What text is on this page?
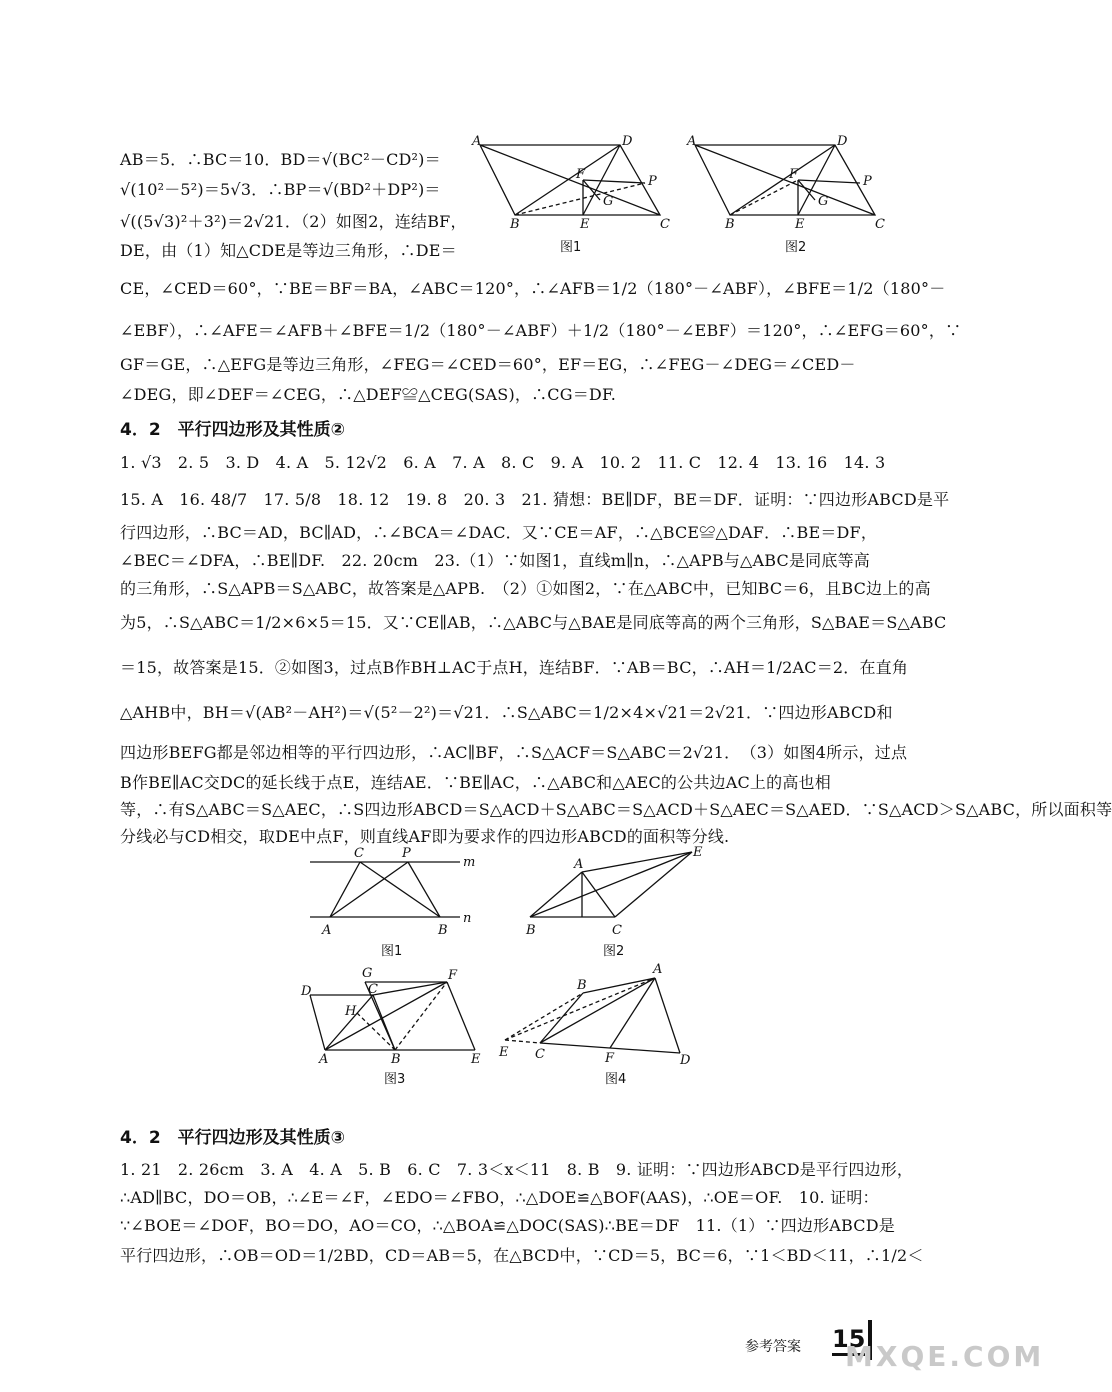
AB＝5．∴BC＝10．BD＝√(BC²－CD²)＝
√(10²－5²)＝5√3．∴BP＝√(BD²＋DP²)＝
√((5√3)²＋3²)＝2√21．（2）如图2，连结BF，
DE，由（1）知△CDE是等边三角形，∴DE＝
A	D
P
C
B	E
F
G
图1
A	D
P
C
B	E
F
G
图2
CE，∠CED＝60°，∵BE＝BF＝BA，∠ABC＝120°，∴∠AFB＝1/2（180°－∠ABF），∠BFE＝1/2（180°－
∠EBF），∴∠AFE＝∠AFB＋∠BFE＝1/2（180°－∠ABF）＋1/2（180°－∠EBF）＝120°，∴∠EFG＝60°，∵
GF＝GE，∴△EFG是等边三角形，∠FEG＝∠CED＝60°，EF＝EG，∴∠FEG－∠DEG＝∠CED－
∠DEG，即∠DEF＝∠CEG，∴△DEF≌△CEG(SAS)，∴CG＝DF.
4．2　平行四边形及其性质②
1. √3　2. 5　3. D　4. A　5. 12√2　6. A　7. A　8. C　9. A　10. 2　11. C　12. 4　13. 16　14. 3
15. A　16. 48/7　17. 5/8　18. 12　19. 8　20. 3　21. 猜想：BE∥DF，BE＝DF．证明：∵四边形ABCD是平
行四边形，∴BC＝AD，BC∥AD，∴∠BCA＝∠DAC．又∵CE＝AF，∴△BCE≌△DAF．∴BE＝DF，
∠BEC＝∠DFA，∴BE∥DF.　22. 20cm　23.（1）∵如图1，直线m∥n，∴△APB与△ABC是同底等高
的三角形，∴S△APB＝S△ABC，故答案是△APB.　（2）①如图2，∵在△ABC中，已知BC＝6，且BC边上的高
为5，∴S△ABC＝1/2×6×5＝15．又∵CE∥AB，∴△ABC与△BAE是同底等高的两个三角形，S△BAE＝S△ABC
＝15，故答案是15．②如图3，过点B作BH⊥AC于点H，连结BF．∵AB＝BC，∴AH＝1/2AC＝2．在直角
△AHB中，BH＝√(AB²－AH²)＝√(5²－2²)＝√21．∴S△ABC＝1/2×4×√21＝2√21．∵四边形ABCD和
四边形BEFG都是邻边相等的平行四边形，∴AC∥BF，∴S△ACF＝S△ABC＝2√21．　（3）如图4所示，过点
B作BE∥AC交DC的延长线于点E，连结AE．∵BE∥AC，∴△ABC和△AEC的公共边AC上的高也相
等，∴有S△ABC＝S△AEC，∴S四边形ABCD＝S△ACD＋S△ABC＝S△ACD＋S△AEC＝S△AED．∵S△ACD＞S△ABC，所以面积等
分线必与CD相交，取DE中点F，则直线AF即为要求作的四边形ABCD的面积等分线.
C	P
m
n
A	B
图1
A
E
B	C
图2
D
G
C
F
H
A	B	E
图3
B
A
E C	F	D
图4
4．2　平行四边形及其性质③
1. 21　2. 26cm　3. A　4. A　5. B　6. C　7. 3＜x＜11　8. B　9. 证明：∵四边形ABCD是平行四边形，
∴AD∥BC，DO＝OB，∴∠E＝∠F，∠EDO＝∠FBO，∴△DOE≌△BOF(AAS)，∴OE＝OF.　10. 证明：
∵∠BOE＝∠DOF，BO＝DO，AO＝CO，∴△BOA≌△DOC(SAS)∴BE＝DF　11.（1）∵四边形ABCD是
平行四边形，∴OB＝OD＝1/2BD，CD＝AB＝5，在△BCD中，∵CD＝5，BC＝6，∵1＜BD＜11，∴1/2＜
参考答案 15
MXQE.COM
